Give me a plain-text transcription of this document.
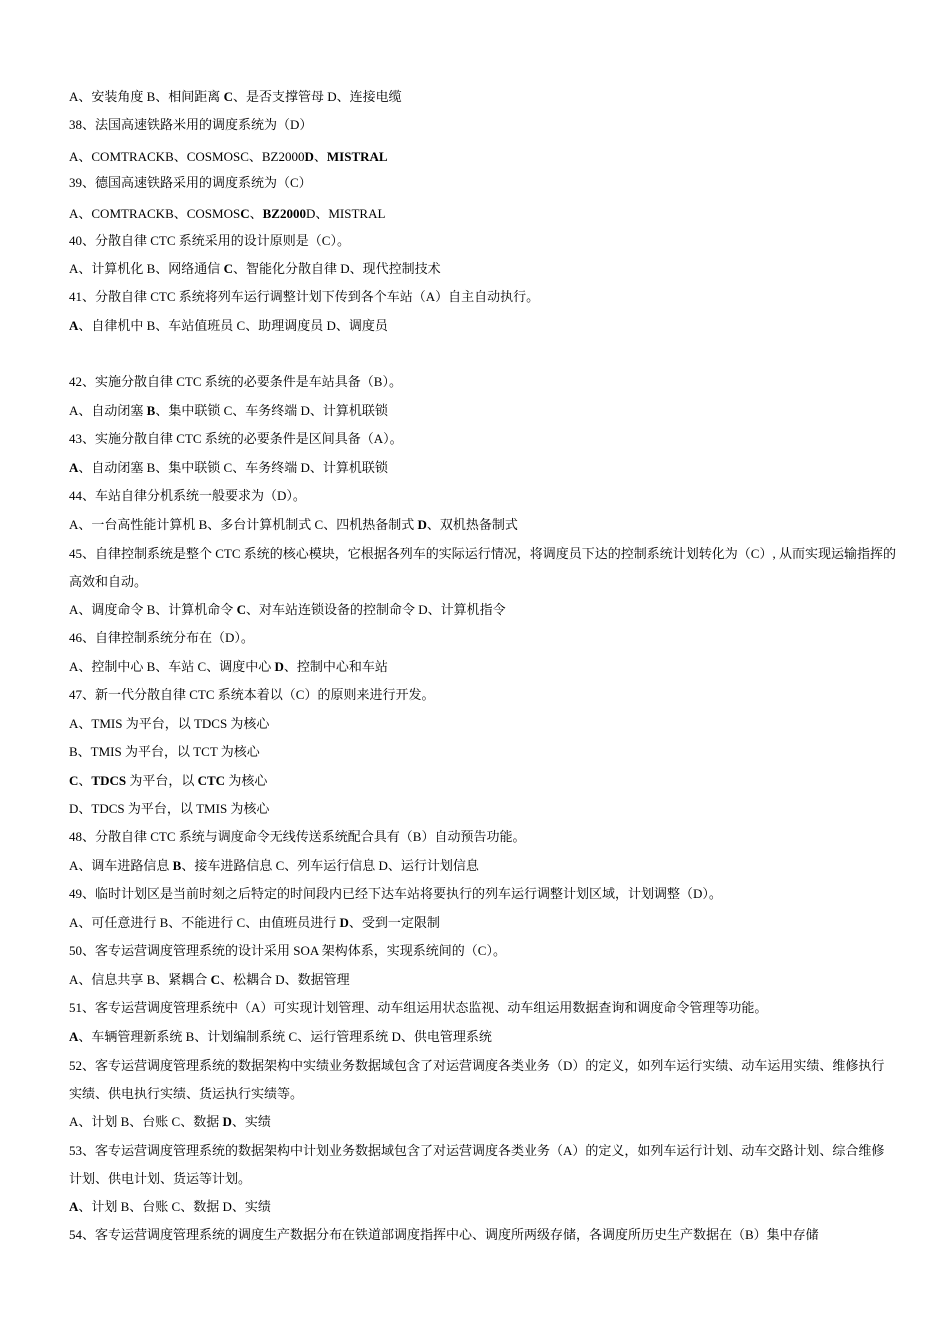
A、安装角度 B、相间距离 C、是否支撑管母 D、连接电缆
38、法国高速铁路米用的调度系统为（D）
A、COMTRACKB、COSMOSC、BZ2000D、MISTRAL
39、德国高速铁路采用的调度系统为（C）
A、COMTRACKB、COSMOSC、BZ2000D、MISTRAL
40、分散自律 CTC 系统采用的设计原则是（C）。
A、计算机化 B、网络通信 C、智能化分散自律 D、现代控制技术
41、分散自律 CTC 系统将列车运行调整计划下传到各个车站（A）自主自动执行。
A、自律机中 B、车站值班员 C、助理调度员 D、调度员
42、实施分散自律 CTC 系统的必要条件是车站具备（B）。
A、自动闭塞 B、集中联锁 C、车务终端 D、计算机联锁
43、实施分散自律 CTC 系统的必要条件是区间具备（A）。
A、自动闭塞 B、集中联锁 C、车务终端 D、计算机联锁
44、车站自律分机系统一般要求为（D）。
A、一台高性能计算机 B、多台计算机制式 C、四机热备制式 D、双机热备制式
45、自律控制系统是整个 CTC 系统的核心模块，它根据各列车的实际运行情况，将调度员下达的控制系统计划转化为（C）, 从而实现运输指挥的高效和自动。
A、调度命令 B、计算机命令 C、对车站连锁设备的控制命令 D、计算机指令
46、自律控制系统分布在（D）。
A、控制中心 B、车站 C、调度中心 D、控制中心和车站
47、新一代分散自律 CTC 系统本着以（C）的原则来进行开发。
A、TMIS 为平台，以 TDCS 为核心
B、TMIS 为平台，以 TCT 为核心
C、TDCS 为平台，以 CTC 为核心
D、TDCS 为平台，以 TMIS 为核心
48、分散自律 CTC 系统与调度命令无线传送系统配合具有（B）自动预告功能。
A、调车进路信息 B、接车进路信息 C、列车运行信息 D、运行计划信息
49、临时计划区是当前时刻之后特定的时间段内已经下达车站将要执行的列车运行调整计划区域，计划调整（D）。
A、可任意进行 B、不能进行 C、由值班员进行 D、受到一定限制
50、客专运营调度管理系统的设计采用 SOA 架构体系，实现系统间的（C）。
A、信息共享 B、紧耦合 C、松耦合 D、数据管理
51、客专运营调度管理系统中（A）可实现计划管理、动车组运用状态监视、动车组运用数据查询和调度命令管理等功能。
A、车辆管理新系统 B、计划编制系统 C、运行管理系统 D、供电管理系统
52、客专运营调度管理系统的数据架构中实绩业务数据域包含了对运营调度各类业务（D）的定义，如列车运行实绩、动车运用实绩、维修执行实绩、供电执行实绩、货运执行实绩等。
A、计划 B、台账 C、数据 D、实绩
53、客专运营调度管理系统的数据架构中计划业务数据域包含了对运营调度各类业务（A）的定义，如列车运行计划、动车交路计划、综合维修计划、供电计划、货运等计划。
A、计划 B、台账 C、数据 D、实绩
54、客专运营调度管理系统的调度生产数据分布在铁道部调度指挥中心、调度所两级存储，各调度所历史生产数据在（B）集中存储
